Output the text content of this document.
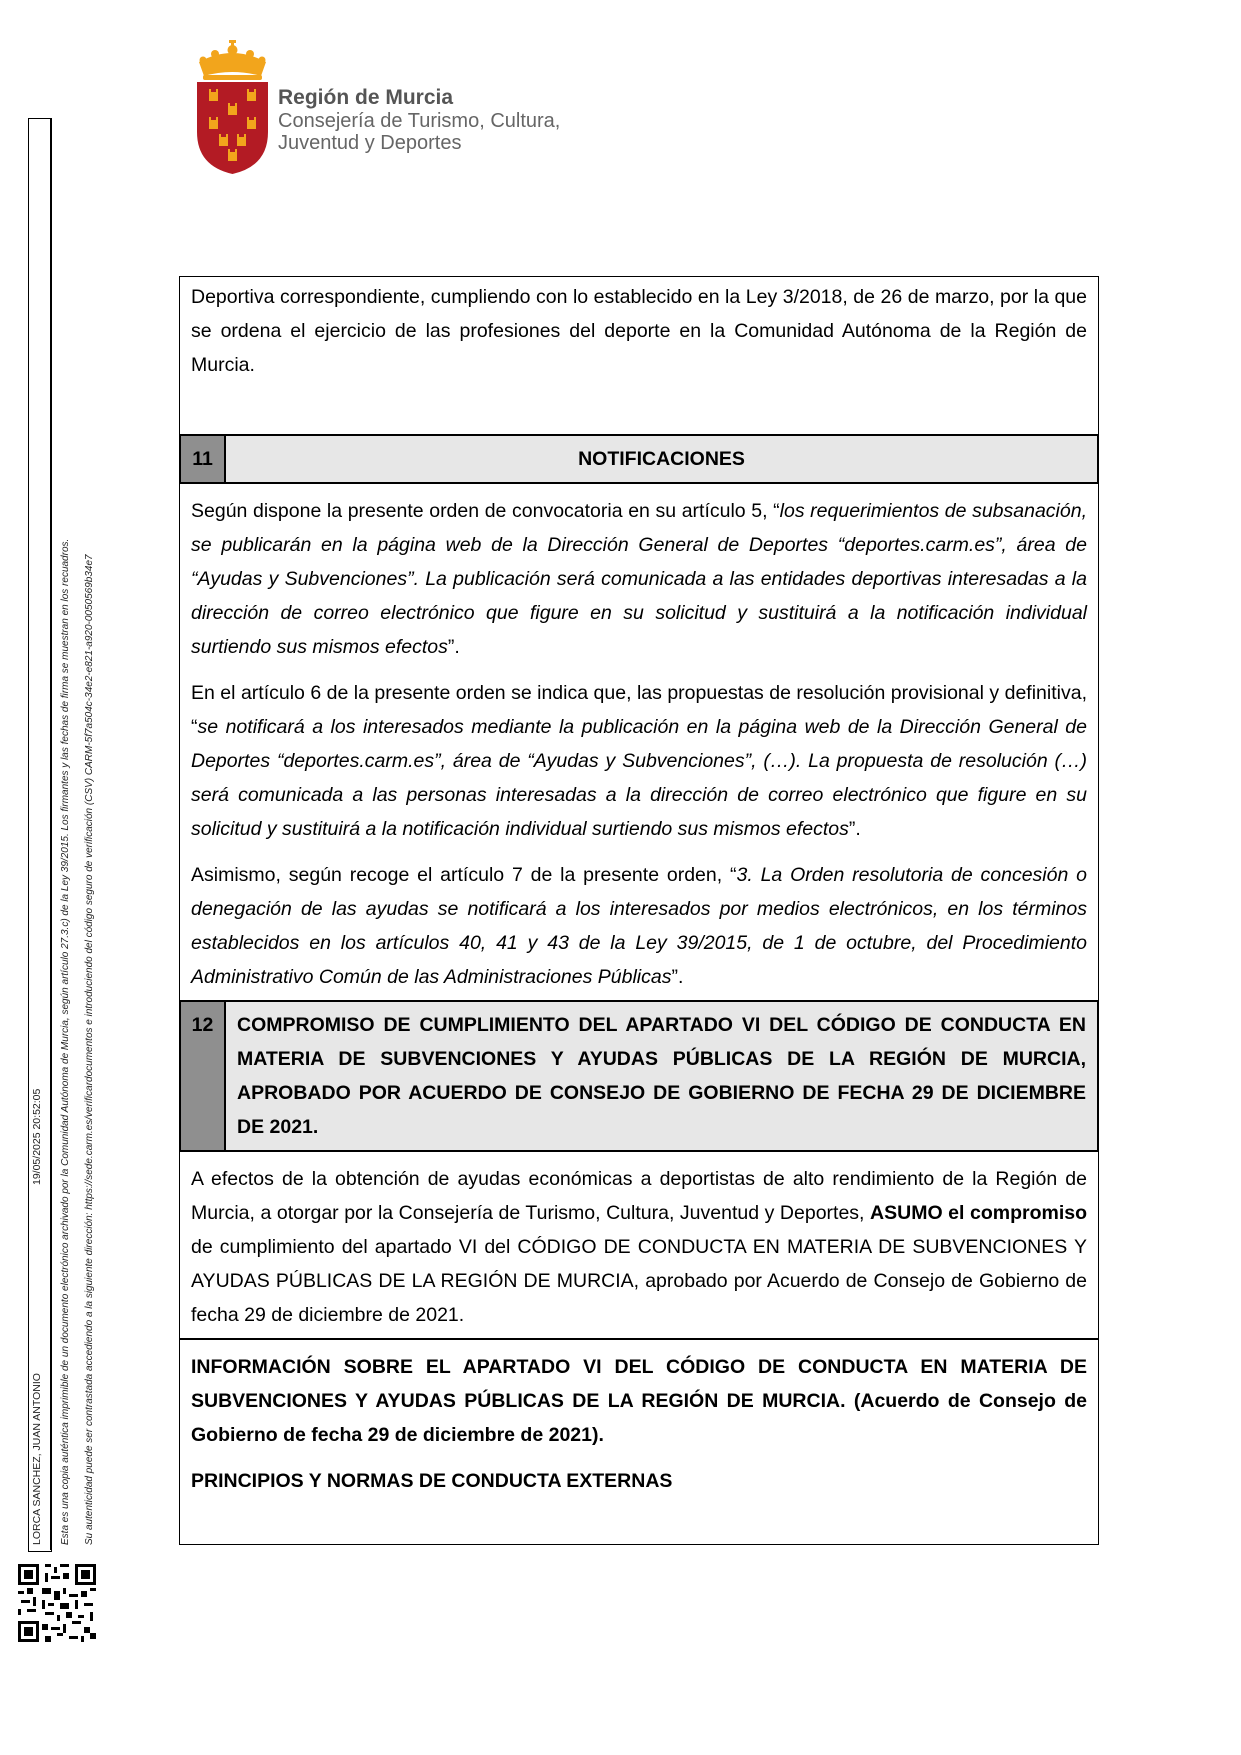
Región de Murcia
Consejería de Turismo, Cultura,
Juventud y Deportes
LORCA SANCHEZ, JUAN ANTONIO
19/05/2025 20:52:05 Esta es una copia auténtica imprimible de un documento electrónico archivado por la Comunidad Autónoma de Murcia, según artículo 27.3.c) de la Ley 39/2015. Los firmantes y las fechas de firma se muestran en los recuadros. Su autenticidad puede ser contrastada accediendo a la siguiente dirección: https://sede.carm.es/verificardocumentos e introduciendo del código seguro de verificación (CSV) CARM-5f7a504c-34e2-e821-a920-0050569b34e7

Deportiva correspondiente, cumpliendo con lo establecido en la Ley 3/2018, de 26 de marzo, por la que se ordena el ejercicio de las profesiones del deporte en la Comunidad Autónoma de la Región de Murcia.

11	NOTIFICACIONES

Según dispone la presente orden de convocatoria en su artículo 5, “los requerimientos de subsanación, se publicarán en la página web de la Dirección General de Deportes “deportes.carm.es”, área de “Ayudas y Subvenciones”. La publicación será comunicada a las entidades deportivas interesadas a la dirección de correo electrónico que figure en su solicitud y sustituirá a la notificación individual surtiendo sus mismos efectos”.

En el artículo 6 de la presente orden se indica que, las propuestas de resolución provisional y definitiva, “se notificará a los interesados mediante la publicación en la página web de la Dirección General de Deportes “deportes.carm.es”, área de “Ayudas y Subvenciones”, (…). La propuesta de resolución (…) será comunicada a las personas interesadas a la dirección de correo electrónico que figure en su solicitud y sustituirá a la notificación individual surtiendo sus mismos efectos”.

Asimismo, según recoge el artículo 7 de la presente orden, “3. La Orden resolutoria de concesión o denegación de las ayudas se notificará a los interesados por medios electrónicos, en los términos establecidos en los artículos 40, 41 y 43 de la Ley 39/2015, de 1 de octubre, del Procedimiento Administrativo Común de las Administraciones Públicas”.

12	COMPROMISO DE CUMPLIMIENTO DEL APARTADO VI DEL CÓDIGO DE CONDUCTA EN MATERIA DE SUBVENCIONES Y AYUDAS PÚBLICAS DE LA REGIÓN DE MURCIA, APROBADO POR ACUERDO DE CONSEJO DE GOBIERNO DE FECHA 29 DE DICIEMBRE DE 2021.

A efectos de la obtención de ayudas económicas a deportistas de alto rendimiento de la Región de Murcia, a otorgar por la Consejería de Turismo, Cultura, Juventud y Deportes, ASUMO el compromiso de cumplimiento del apartado VI del CÓDIGO DE CONDUCTA EN MATERIA DE SUBVENCIONES Y AYUDAS PÚBLICAS DE LA REGIÓN DE MURCIA, aprobado por Acuerdo de Consejo de Gobierno de fecha 29 de diciembre de 2021.

INFORMACIÓN SOBRE EL APARTADO VI DEL CÓDIGO DE CONDUCTA EN MATERIA DE SUBVENCIONES Y AYUDAS PÚBLICAS DE LA REGIÓN DE MURCIA. (Acuerdo de Consejo de Gobierno de fecha 29 de diciembre de 2021).

PRINCIPIOS Y NORMAS DE CONDUCTA EXTERNAS
